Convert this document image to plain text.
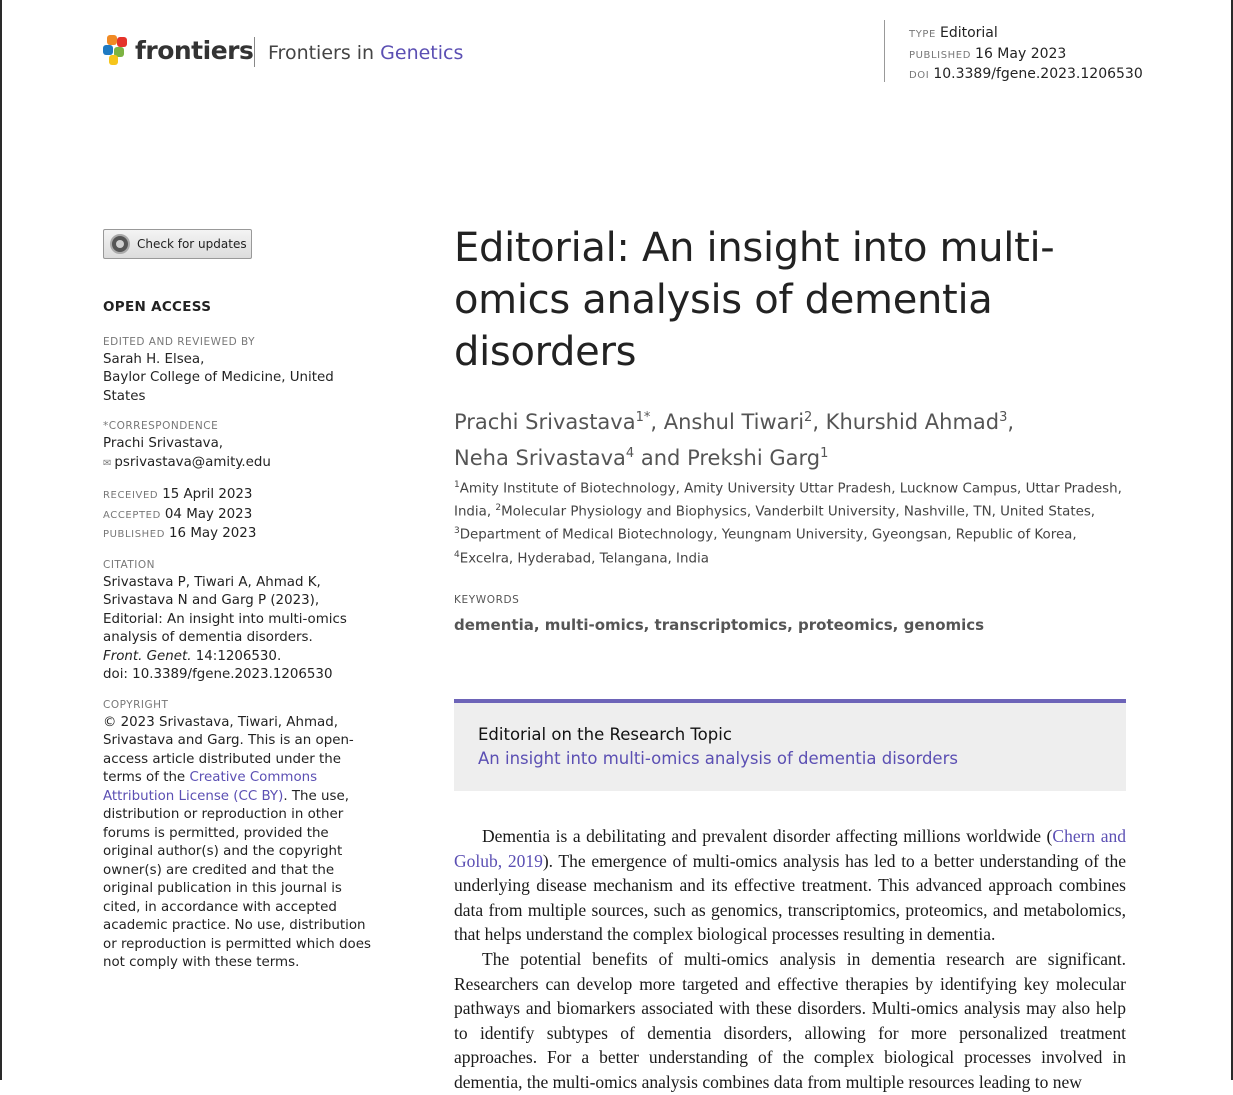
frontiers Frontiers in Genetics
TYPE Editorial
PUBLISHED 16 May 2023
DOI 10.3389/fgene.2023.1206530
Check for updates
OPEN ACCESS
EDITED AND REVIEWED BY
Sarah H. Elsea,
Baylor College of Medicine, United States
*CORRESPONDENCE
Prachi Srivastava,
✉ psrivastava@amity.edu
RECEIVED 15 April 2023
ACCEPTED 04 May 2023
PUBLISHED 16 May 2023
CITATION
Srivastava P, Tiwari A, Ahmad K, Srivastava N and Garg P (2023), Editorial: An insight into multi-omics analysis of dementia disorders.
Front. Genet. 14:1206530.
doi: 10.3389/fgene.2023.1206530
COPYRIGHT
© 2023 Srivastava, Tiwari, Ahmad, Srivastava and Garg. This is an open-access article distributed under the terms of the Creative Commons Attribution License (CC BY). The use, distribution or reproduction in other forums is permitted, provided the original author(s) and the copyright owner(s) are credited and that the original publication in this journal is cited, in accordance with accepted academic practice. No use, distribution or reproduction is permitted which does not comply with these terms.
Editorial: An insight into multi-omics analysis of dementia disorders
Prachi Srivastava$^{1*}$, Anshul Tiwari$^2$, Khurshid Ahmad$^3$,
Neha Srivastava$^4$ and Prekshi Garg$^1$
$^1$Amity Institute of Biotechnology, Amity University Uttar Pradesh, Lucknow Campus, Uttar Pradesh, India, $^2$Molecular Physiology and Biophysics, Vanderbilt University, Nashville, TN, United States, $^3$Department of Medical Biotechnology, Yeungnam University, Gyeongsan, Republic of Korea, $^4$Excelra, Hyderabad, Telangana, India
KEYWORDS
dementia, multi-omics, transcriptomics, proteomics, genomics
Editorial on the Research Topic
An insight into multi-omics analysis of dementia disorders

Dementia is a debilitating and prevalent disorder affecting millions worldwide (Chern and Golub, 2019). The emergence of multi-omics analysis has led to a better understanding of the underlying disease mechanism and its effective treatment. This advanced approach combines data from multiple sources, such as genomics, transcriptomics, proteomics, and metabolomics, that helps understand the complex biological processes resulting in dementia.

The potential benefits of multi-omics analysis in dementia research are significant. Researchers can develop more targeted and effective therapies by identifying key molecular pathways and biomarkers associated with these disorders. Multi-omics analysis may also help to identify subtypes of dementia disorders, allowing for more personalized treatment approaches. For a better understanding of the complex biological processes involved in dementia, the multi-omics analysis combines data from multiple resources leading to new
